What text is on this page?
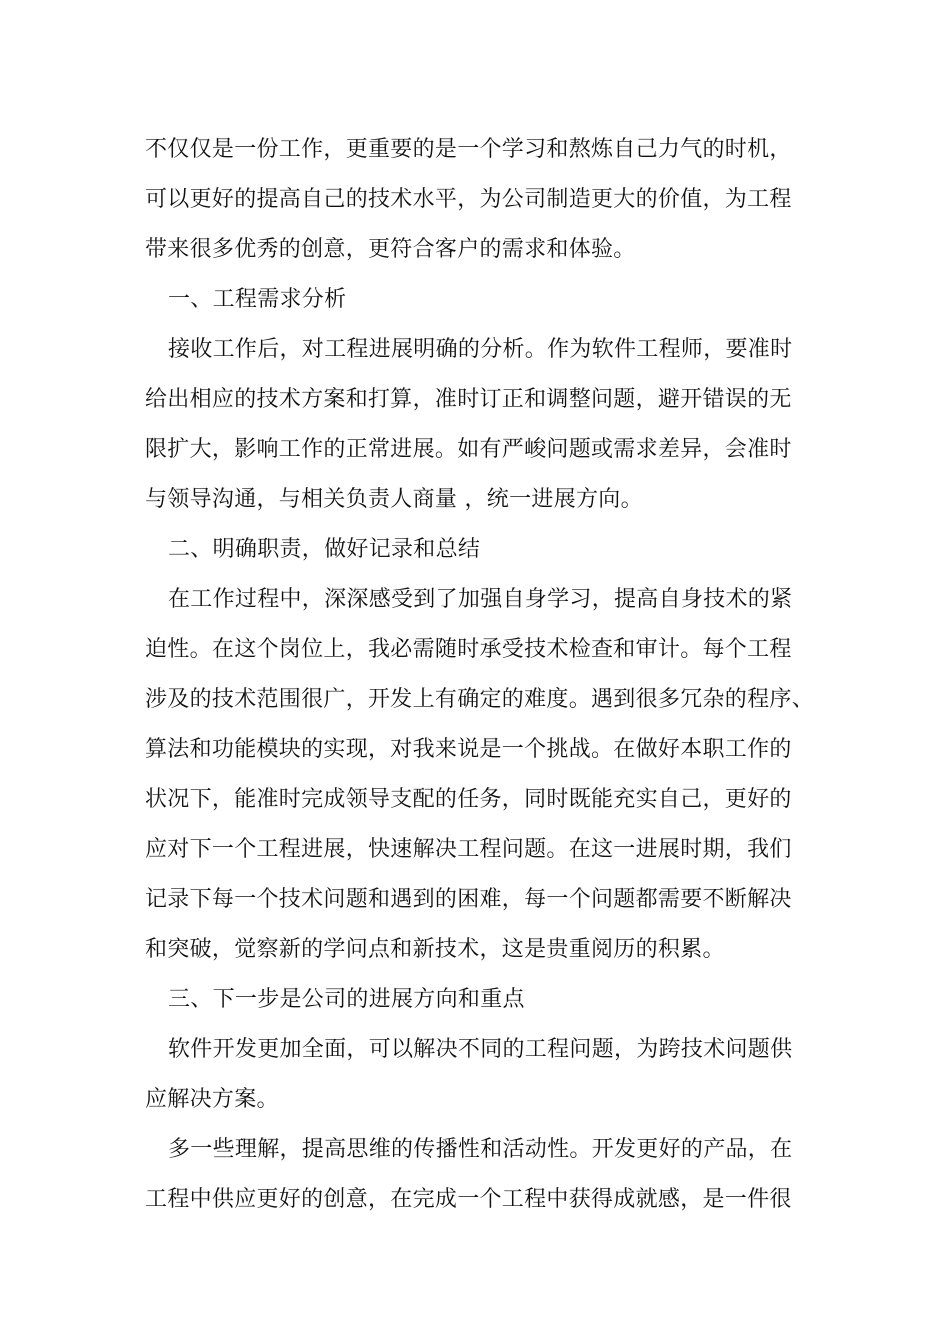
不仅仅是一份工作，更重要的是一个学习和熬炼自己力气的时机，
可以更好的提高自己的技术水平，为公司制造更大的价值，为工程
带来很多优秀的创意，更符合客户的需求和体验。
一、工程需求分析
接收工作后，对工程进展明确的分析。作为软件工程师，要准时
给出相应的技术方案和打算，准时订正和调整问题，避开错误的无
限扩大，影响工作的正常进展。如有严峻问题或需求差异，会准时
与领导沟通，与相关负责人商量 ，统一进展方向。
二、明确职责，做好记录和总结
在工作过程中，深深感受到了加强自身学习，提高自身技术的紧
迫性。在这个岗位上，我必需随时承受技术检查和审计。每个工程
涉及的技术范围很广，开发上有确定的难度。遇到很多冗杂的程序、
算法和功能模块的实现，对我来说是一个挑战。在做好本职工作的
状况下，能准时完成领导支配的任务，同时既能充实自己，更好的
应对下一个工程进展，快速解决工程问题。在这一进展时期，我们
记录下每一个技术问题和遇到的困难，每一个问题都需要不断解决
和突破，觉察新的学问点和新技术，这是贵重阅历的积累。
三、下一步是公司的进展方向和重点
软件开发更加全面，可以解决不同的工程问题，为跨技术问题供
应解决方案。
多一些理解，提高思维的传播性和活动性。开发更好的产品，在
工程中供应更好的创意，在完成一个工程中获得成就感，是一件很
